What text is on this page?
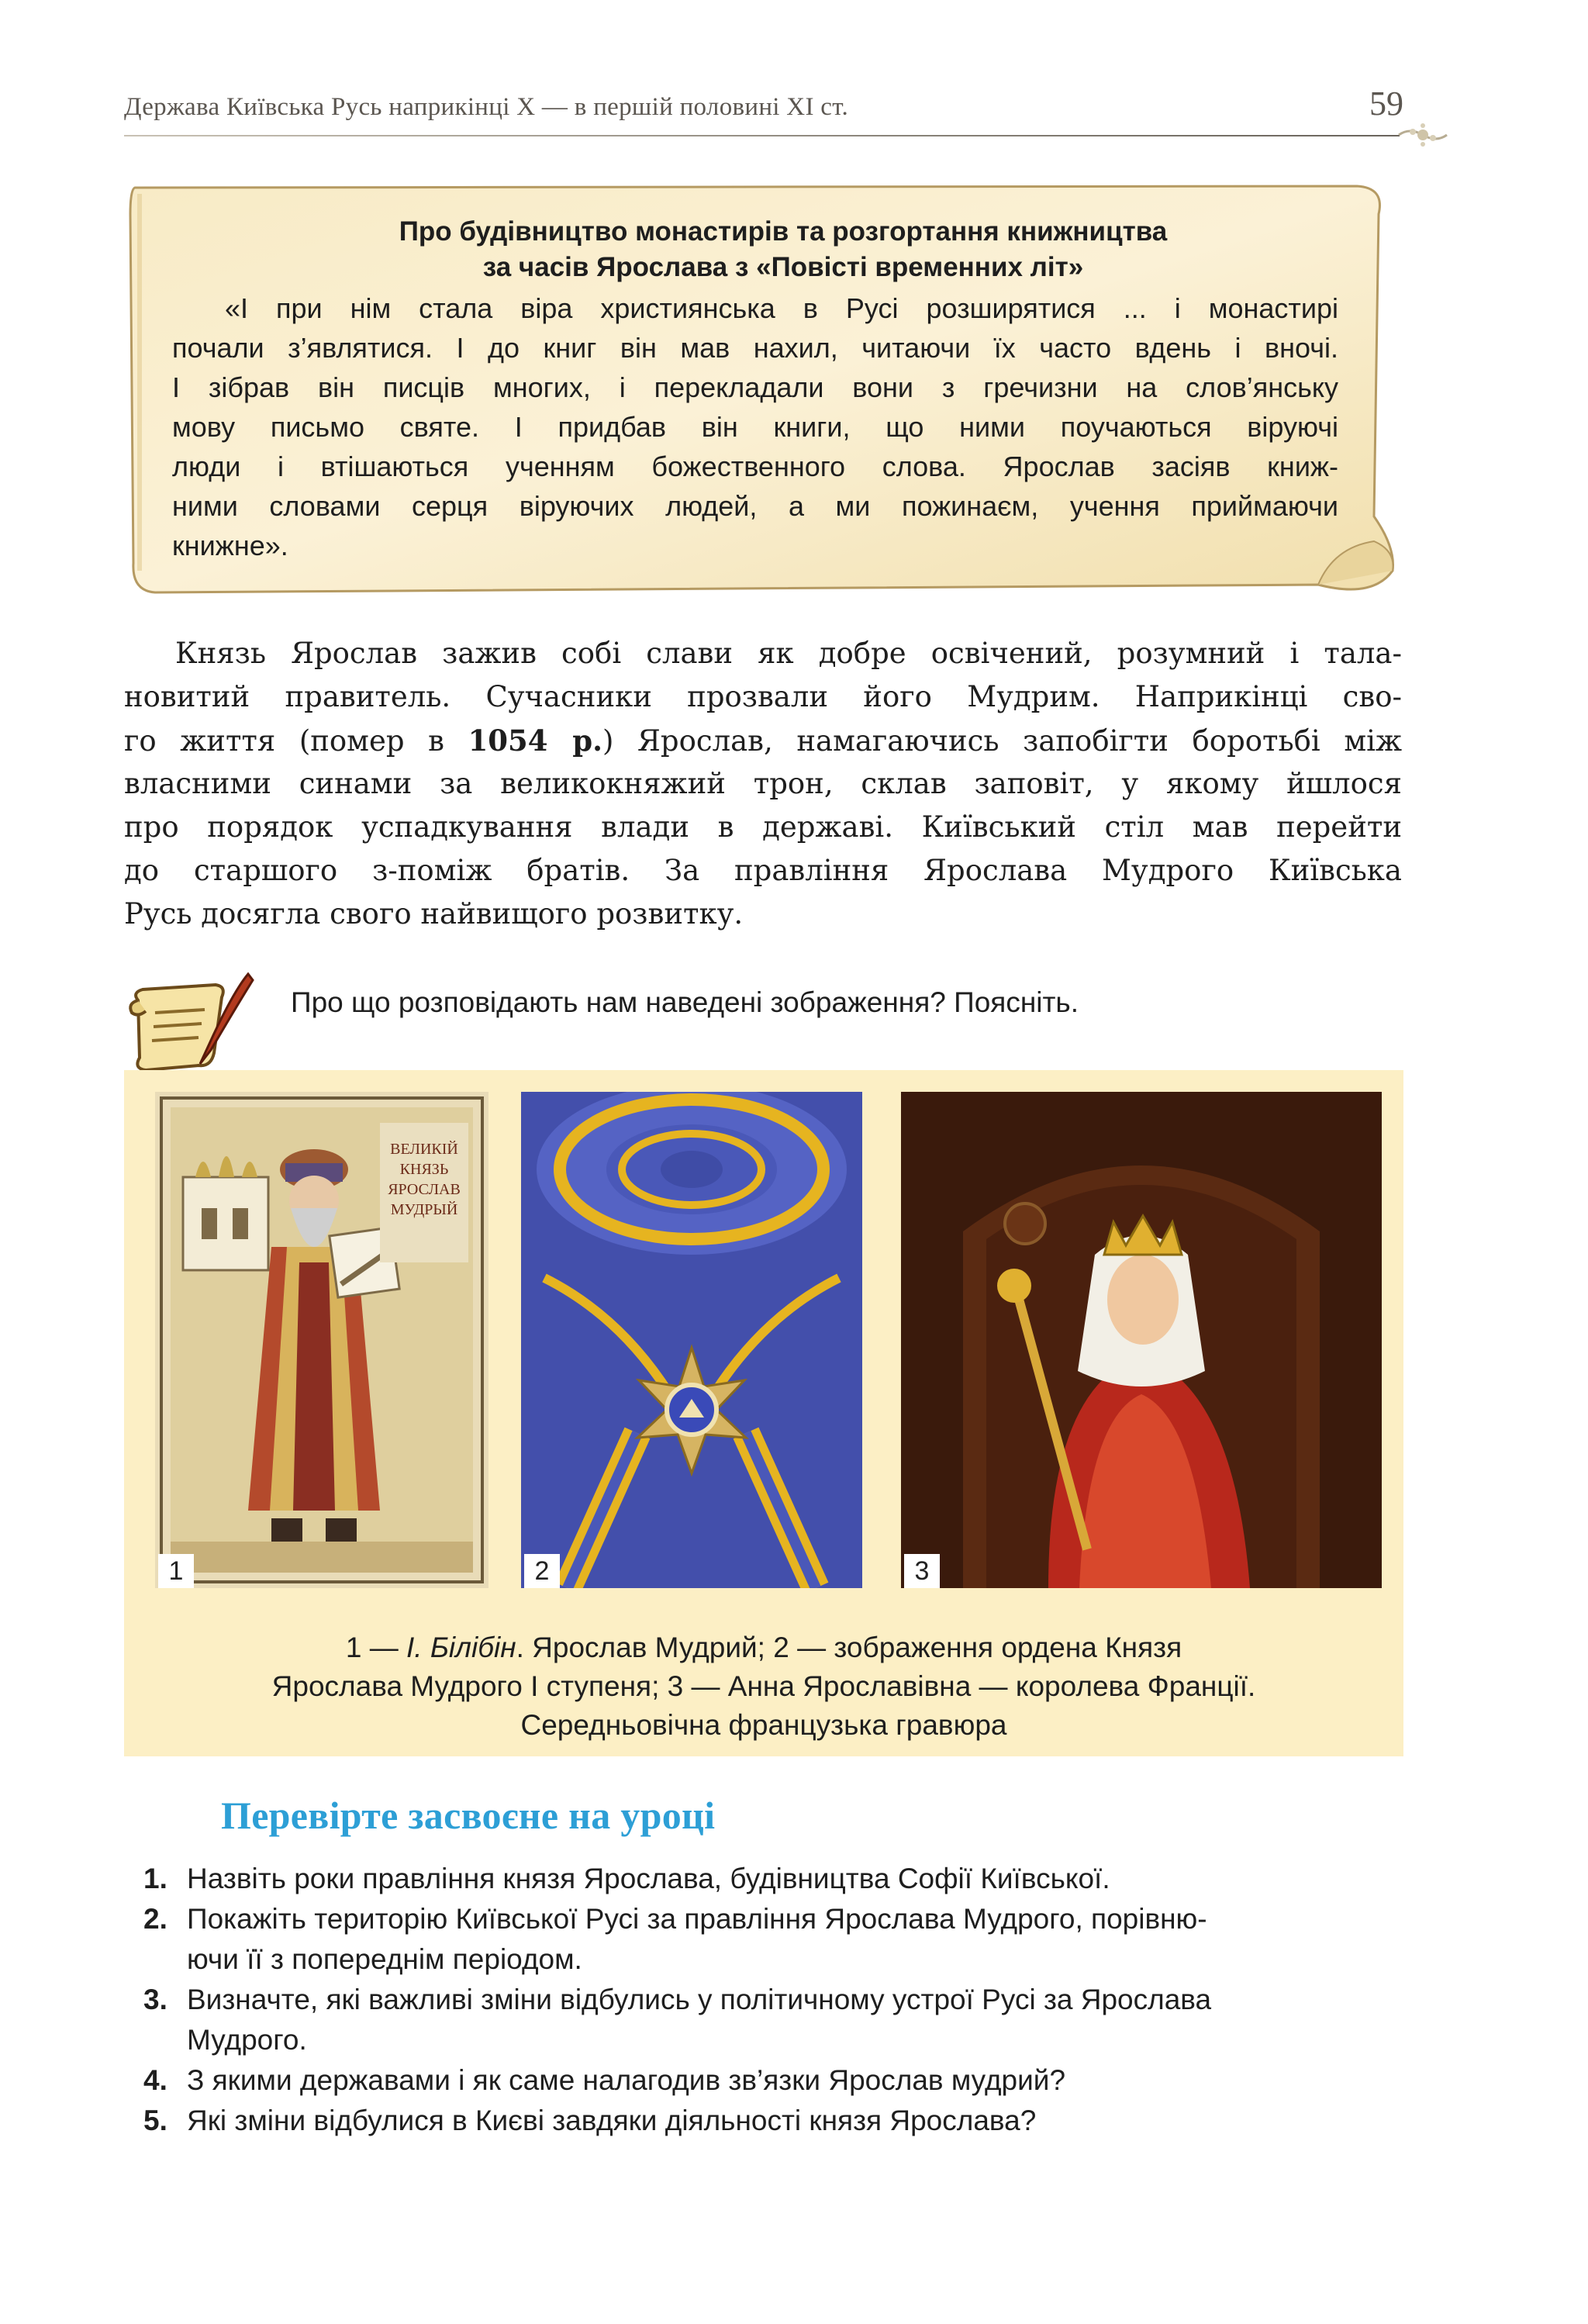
Держава Київська Русь наприкінці X — в першій половині XI ст.	59
Про будівництво монастирів та розгортання книжництва
за часів Ярослава з «Повісті временних літ»
«І при нім стала віра християнська в Русі розширятися ... і монастирі
почали з’являтися. І до книг він мав нахил, читаючи їх часто вдень і вночі.
І зібрав він писців многих, і перекладали вони з гречизни на слов’янську
мову письмо святе. І придбав він книги, що ними поучаються віруючі
люди і втішаються ученням божественного слова. Ярослав засіяв книж-
ними словами серця віруючих людей, а ми пожинаєм, учення приймаючи
книжне».
Князь Ярослав зажив собі слави як добре освічений, розумний і тала-
новитий правитель. Сучасники прозвали його Мудрим. Наприкінці сво-
го життя (помер в 1054 р.) Ярослав, намагаючись запобігти боротьбі між
власними синами за великокняжий трон, склав заповіт, у якому йшлося
про порядок успадкування влади в державі. Київський стіл мав перейти
до старшого з-поміж братів. За правління Ярослава Мудрого Київська
Русь досягла свого найвищого розвитку.
Про що розповідають нам наведені зображення? Поясніть.
ВЕЛИКІЙ
КНЯЗЬ
ЯРОСЛАВ
МУДРЫЙ
1	2	3
1 — І. Білібін. Ярослав Мудрий; 2 — зображення ордена Князя
Ярослава Мудрого I ступеня; 3 — Анна Ярославівна — королева Франції.
Середньовічна французька гравюра
Перевірте засвоєне на уроці
1. Назвіть роки правління князя Ярослава, будівництва Софії Київської.
2. Покажіть територію Київської Русі за правління Ярослава Мудрого, порівню-
ючи її з попереднім періодом.
3. Визначте, які важливі зміни відбулись у політичному устрої Русі за Ярослава
Мудрого.
4. З якими державами і як саме налагодив зв’язки Ярослав мудрий?
5. Які зміни відбулися в Києві завдяки діяльності князя Ярослава?
